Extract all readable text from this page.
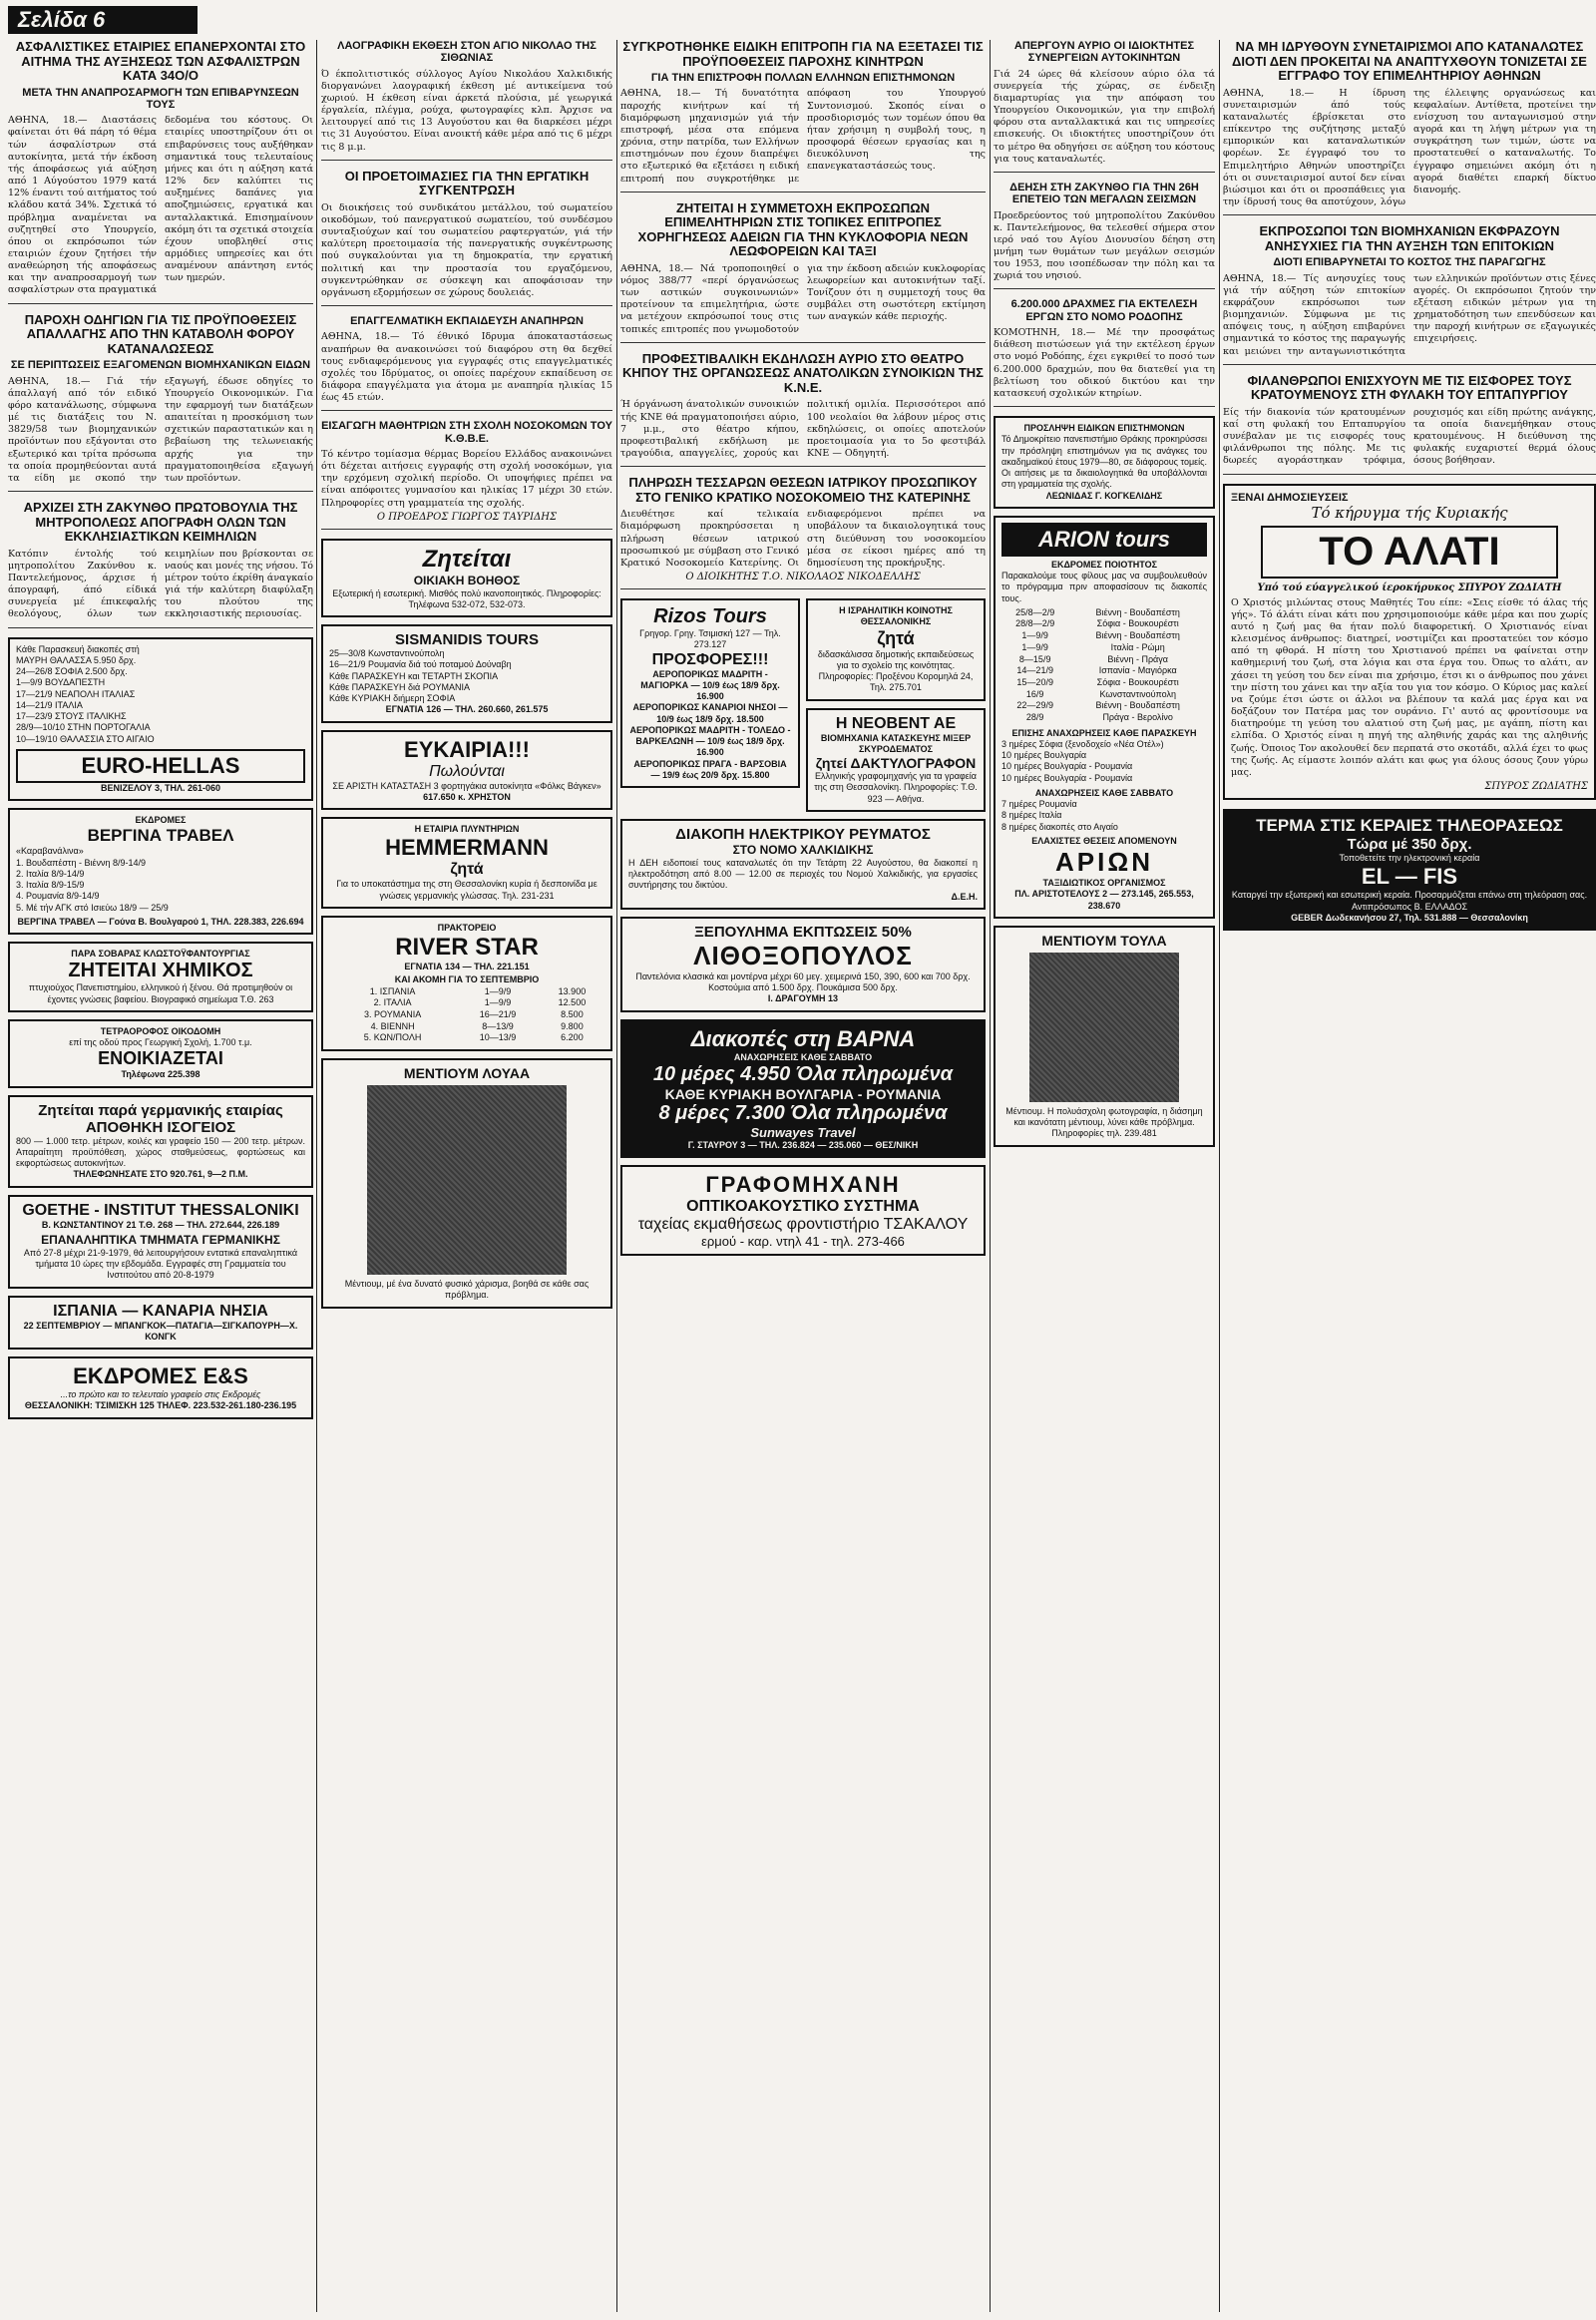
Σελίδα 6
ΑΣΦΑΛΙΣΤΙΚΕΣ ΕΤΑΙΡΙΕΣ ΕΠΑΝΕΡΧΟΝΤΑΙ ΣΤΟ ΑΙΤΗΜΑ ΤΗΣ ΑΥΞΗΣΕΩΣ ΤΩΝ ΑΣΦΑΛΙΣΤΡΩΝ ΚΑΤΑ 34Ο/Ο
ΜΕΤΑ ΤΗΝ ΑΝΑΠΡΟΣΑΡΜΟΓΗ ΤΩΝ ΕΠΙΒΑΡΥΝΣΕΩΝ ΤΟΥΣ
ΑΘΗΝΑ, 18.— Διαστάσεις φαίνεται ότι θά πάρη τό θέμα τών άσφαλίστρων στά αυτοκίνητα, μετά τήν έκδοση τής άποφάσεως γιά αύξηση από 1 Αύγούστου 1979 κατά 12% έναντι τού αιτήματος τού κλάδου κατά 34%. Σχετικά τό πρόβλημα αναμένεται να συζητηθεί στο Υπουργείο, όπου οι εκπρόσωποι τών εταιριών έχουν ζητήσει τήν αναθεώρηση τής αποφάσεως και την αναπροσαρμογή των ασφαλίστρων στα πραγματικά δεδομένα του κόστους. Οι εταιρίες υποστηρίζουν ότι οι επιβαρύνσεις τους αυξήθηκαν σημαντικά τους τελευταίους μήνες και ότι η αύξηση κατά 12% δεν καλύπτει τις αυξημένες δαπάνες για αποζημιώσεις, εργατικά και ανταλλακτικά. Επισημαίνουν ακόμη ότι τα σχετικά στοιχεία έχουν υποβληθεί στις αρμόδιες υπηρεσίες και ότι αναμένουν απάντηση εντός των ημερών.
ΠΑΡΟΧΗ ΟΔΗΓΙΩΝ ΓΙΑ ΤΙΣ ΠΡΟΫΠΟΘΕΣΕΙΣ ΑΠΑΛΛΑΓΗΣ ΑΠΟ ΤΗΝ ΚΑΤΑΒΟΛΗ ΦΟΡΟΥ ΚΑΤΑΝΑΛΩΣΕΩΣ
ΣΕ ΠΕΡΙΠΤΩΣΕΙΣ ΕΞΑΓΟΜΕΝΩΝ ΒΙΟΜΗΧΑΝΙΚΩΝ ΕΙΔΩΝ
ΑΘΗΝΑ, 18.— Γιά τήν άπαλλαγή από τόν ειδικό φόρο κατανάλωσης, σύμφωνα μέ τις διατάξεις του Ν. 3829/58 των βιομηχανικών προϊόντων που εξάγονται στο εξωτερικό και τρίτα πρόσωπα τα οποία προμηθεύονται αυτά τα είδη με σκοπό την εξαγωγή, έδωσε οδηγίες το Υπουργείο Οικονομικών. Για την εφαρμογή των διατάξεων απαιτείται η προσκόμιση των σχετικών παραστατικών και η βεβαίωση της τελωνειακής αρχής για την πραγματοποιηθείσα εξαγωγή των προϊόντων.
ΑΡΧΙΖΕΙ ΣΤΗ ΖΑΚΥΝΘΟ ΠΡΩΤΟΒΟΥΛΙΑ ΤΗΣ ΜΗΤΡΟΠΟΛΕΩΣ ΑΠΟΓΡΑΦΗ ΟΛΩΝ ΤΩΝ ΕΚΚΛΗΣΙΑΣΤΙΚΩΝ ΚΕΙΜΗΛΙΩΝ
Κατόπιν έντολής τού μητροπολίτου Ζακύνθου κ. Παντελεήμονος, άρχισε ή άπογραφή, άπό είδικά συνεργεία μέ έπικεφαλής θεολόγους, όλων των κειμηλίων που βρίσκονται σε ναούς και μονές της νήσου. Τό μέτρον τούτο έκρίθη άναγκαίο γιά τήν καλύτερη διαφύλαξη του πλούτου της εκκλησιαστικής περιουσίας.
Κάθε Παρασκευή διακοπές στή
ΜΑΥΡΗ ΘΑΛΑΣΣΑ 5.950 δρχ.
24—26/8 ΣΟΦΙΑ 2.500 δρχ.
1—9/9 ΒΟΥΔΑΠΕΣΤΗ
17—21/9 ΝΕΑΠΟΛΗ ΙΤΑΛΙΑΣ
14—21/9 ΙΤΑΛΙΑ
17—23/9 ΣΤΟΥΣ ΙΤΑΛΙΚΗΣ
28/9—10/10 ΣΤΗΝ ΠΟΡΤΟΓΑΛΙΑ
10—19/10 ΘΑΛΑΣΣΙΑ ΣΤΟ ΑΙΓΑΙΟ
EURO-HELLAS
ΒΕΝΙΖΕΛΟΥ 3, ΤΗΛ. 261-060
ΕΚΔΡΟΜΕΣ
ΒΕΡΓΙΝΑ ΤΡΑΒΕΛ
«Καραβανάλινα»
1. Βουδαπέστη - Βιέννη 8/9-14/9
2. Ιταλία 8/9-14/9
3. Ιταλία 8/9-15/9
4. Ρουμανία 8/9-14/9
5. Μέ τήν ΑΓΚ στό Ισιεύω 18/9 — 25/9
ΒΕΡΓΙΝΑ ΤΡΑΒΕΛ — Γούνα Β. Βουλγαρού 1, ΤΗΛ. 228.383, 226.694
ΠΑΡΑ ΣΟΒΑΡΑΣ ΚΛΩΣΤΟΫΦΑΝΤΟΥΡΓΙΑΣ
ΖΗΤΕΙΤΑΙ ΧΗΜΙΚΟΣ
πτυχιούχος Πανεπιστημίου, ελληνικού ή ξένου. Θά προτιμηθούν οι έχοντες γνώσεις βαφείου. Βιογραφικό σημείωμα Τ.Θ. 263
ΤΕΤΡΑΟΡΟΦΟΣ ΟΙΚΟΔΟΜΗ
επί της οδού προς Γεωργική Σχολή, 1.700 τ.μ.
ΕΝΟΙΚΙΑΖΕΤΑΙ
Τηλέφωνα 225.398
Ζητείται παρά γερμανικής εταιρίας ΑΠΟΘΗΚΗ ΙΣΟΓΕΙΟΣ
800 — 1.000 τετρ. μέτρων, κοιλές και γραφείο 150 — 200 τετρ. μέτρων. Απαραίτητη προϋπόθεση, χώρος σταθμεύσεως, φορτώσεως και εκφορτώσεως αυτοκινήτων.
ΤΗΛΕΦΩΝΗΣΑΤΕ ΣΤΟ 920.761, 9—2 Π.Μ.
GOETHE - INSTITUT THESSALONIKI
Β. ΚΩΝΣΤΑΝΤΙΝΟΥ 21 Τ.Θ. 268 — ΤΗΛ. 272.644, 226.189
ΕΠΑΝΑΛΗΠΤΙΚΑ ΤΜΗΜΑΤΑ ΓΕΡΜΑΝΙΚΗΣ
Από 27-8 μέχρι 21-9-1979, θά λειτουργήσουν εντατικά επαναληπτικά τμήματα 10 ώρες την εβδομάδα. Εγγραφές στη Γραμματεία του Ινστιτούτου από 20-8-1979
ΙΣΠΑΝΙΑ — ΚΑΝΑΡΙΑ ΝΗΣΙΑ
22 ΣΕΠΤΕΜΒΡΙΟΥ — ΜΠΑΝΓΚΟΚ—ΠΑΤΑΓΙΑ—ΣΙΓΚΑΠΟΥΡΗ—Χ. ΚΟΝΓΚ
ΕΚΔΡΟΜΕΣ E&S
...το πρώτο και το τελευταίο γραφείο στις Εκδρομές
ΘΕΣΣΑΛΟΝΙΚΗ: ΤΣΙΜΙΣΚΗ 125 ΤΗΛΕΦ. 223.532-261.180-236.195
ΛΑΟΓΡΑΦΙΚΗ ΕΚΘΕΣΗ ΣΤΟΝ ΑΓΙΟ ΝΙΚΟΛΑΟ ΤΗΣ ΣΙΘΩΝΙΑΣ
Ό έκπολιτιστικός σύλλογος Αγίου Νικολάου Χαλκιδικής διοργανώνει λαογραφική έκθεση μέ αντικείμενα τού χωριού. Η έκθεση είναι άρκετά πλούσια, μέ γεωργικά έργαλεία, πλέγμα, ρούχα, φωτογραφίες κλπ. Άρχισε να λειτουργεί από τις 13 Αυγούστου και θα διαρκέσει μέχρι τις 31 Αυγούστου. Είναι ανοικτή κάθε μέρα από τις 6 μέχρι τις 8 μ.μ.
ΟΙ ΠΡΟΕΤΟΙΜΑΣΙΕΣ ΓΙΑ ΤΗΝ ΕΡΓΑΤΙΚΗ ΣΥΓΚΕΝΤΡΩΣΗ
Οι διοικήσεις τού συνδικάτου μετάλλου, τού σωματείου οικοδόμων, τού πανεργατικού σωματείου, τού συνδέσμου συνταξιούχων καί του σωματείου ραφτεργατών, γιά τήν καλύτερη προετοιμασία τής πανεργατικής συγκέντρωσης πού συγκαλούνται για τη δημοκρατία, την εργατική πολιτική και την προστασία του εργαζόμενου, συγκεντρώθηκαν σε σύσκεψη και αποφάσισαν την οργάνωση εξορμήσεων σε χώρους δουλειάς.
ΕΠΑΓΓΕΛΜΑΤΙΚΗ ΕΚΠΑΙΔΕΥΣΗ ΑΝΑΠΗΡΩΝ
ΑΘΗΝΑ, 18.— Τό έθνικό Ιδρυμα άποκαταστάσεως αναπήρων θα ανακοινώσει τού διαφόρου στη θα δεχθεί τους ενδιαφερόμενους για εγγραφές στις επαγγελματικές σχολές του Ιδρύματος, οι οποίες παρέχουν εκπαίδευση σε διάφορα επαγγέλματα για άτομα με αναπηρία ηλικίας 15 έως 45 ετών.
ΕΙΣΑΓΩΓΗ ΜΑΘΗΤΡΙΩΝ ΣΤΗ ΣΧΟΛΗ ΝΟΣΟΚΟΜΩΝ ΤΟΥ Κ.Θ.Β.Ε.
Τό κέντρο τομίασμα θέρμας Βορείου Ελλάδος ανακοινώνει ότι δέχεται αιτήσεις εγγραφής στη σχολή νοσοκόμων, για την ερχόμενη σχολική περίοδο. Οι υποψήφιες πρέπει να είναι απόφοιτες γυμνασίου και ηλικίας 17 μέχρι 30 ετών. Πληροφορίες στη γραμματεία της σχολής.
Ο ΠΡΟΕΔΡΟΣ ΓΙΩΡΓΟΣ ΤΑΥΡΙΔΗΣ
Ζητείται
ΟΙΚΙΑΚΗ ΒΟΗΘΟΣ
Εξωτερική ή εσωτερική. Μισθός πολύ ικανοποιητικός. Πληροφορίες: Τηλέφωνα 532-072, 532-073.
SISMANIDIS TOURS
25—30/8 Κωνσταντινούπολη
16—21/9 Ρουμανία διά τού ποταμού Δούναβη
Κάθε ΠΑΡΑΣΚΕΥΗ και ΤΕΤΑΡΤΗ ΣΚΟΠΙΑ
Κάθε ΠΑΡΑΣΚΕΥΗ διά ΡΟΥΜΑΝΙΑ
Κάθε ΚΥΡΙΑΚΗ διήμερη ΣΟΦΙΑ
ΕΓΝΑΤΙΑ 126 — ΤΗΛ. 260.660, 261.575
ΕΥΚΑΙΡΙΑ!!!
Πωλούνται
ΣΕ ΑΡΙΣΤΗ ΚΑΤΑΣΤΑΣΗ 3 φορτηγάκια αυτοκίνητα «Φόλκς Βάγκεν»
617.650 κ. ΧΡΗΣΤΟΝ
Η ΕΤΑΙΡΙΑ ΠΛΥΝΤΗΡΙΩΝ
HEMMERMANN
ζητά
Για το υποκατάστημα της στη Θεσσαλονίκη κυρία ή δεσποινίδα με γνώσεις γερμανικής γλώσσας. Τηλ. 231-231
ΠΡΑΚΤΟΡΕΙΟ
RIVER STAR
ΕΓΝΑΤΙΑ 134 — ΤΗΛ. 221.151
ΚΑΙ ΑΚΟΜΗ ΓΙΑ ΤΟ ΣΕΠΤΕΜΒΡΙΟ
1. ΙΣΠΑΝΙΑ	1—9/9	13.900
2. ΙΤΑΛΙΑ	1—9/9	12.500
3. ΡΟΥΜΑΝΙΑ	16—21/9	8.500
4. ΒΙΕΝΝΗ	8—13/9	9.800
5. ΚΩΝ/ΠΟΛΗ	10—13/9	6.200
ΜΕΝΤΙΟΥΜ ΛΟΥΑΑ
Μέντιουμ, μέ ένα δυνατό φυσικό χάρισμα, βοηθά σε κάθε σας πρόβλημα.
ΣΥΓΚΡΟΤΗΘΗΚΕ ΕΙΔΙΚΗ ΕΠΙΤΡΟΠΗ ΓΙΑ ΝΑ ΕΞΕΤΑΣΕΙ ΤΙΣ ΠΡΟΫΠΟΘΕΣΕΙΣ ΠΑΡΟΧΗΣ ΚΙΝΗΤΡΩΝ
ΓΙΑ ΤΗΝ ΕΠΙΣΤΡΟΦΗ ΠΟΛΛΩΝ ΕΛΛΗΝΩΝ ΕΠΙΣΤΗΜΟΝΩΝ
ΑΘΗΝΑ, 18.— Τή δυνατότητα παροχής κινήτρων καί τή διαμόρφωση μηχανισμών γιά τήν επιστροφή, μέσα στα επόμενα χρόνια, στην πατρίδα, των Ελλήνων επιστημόνων που έχουν διαπρέψει στο εξωτερικό θα εξετάσει η ειδική επιτροπή που συγκροτήθηκε με απόφαση του Υπουργού Συντονισμού. Σκοπός είναι ο προσδιορισμός των τομέων όπου θα ήταν χρήσιμη η συμβολή τους, η προσφορά θέσεων εργασίας και η διευκόλυνση της επανεγκαταστάσεώς τους.
ΖΗΤΕΙΤΑΙ Η ΣΥΜΜΕΤΟΧΗ ΕΚΠΡΟΣΩΠΩΝ ΕΠΙΜΕΛΗΤΗΡΙΩΝ ΣΤΙΣ ΤΟΠΙΚΕΣ ΕΠΙΤΡΟΠΕΣ ΧΟΡΗΓΗΣΕΩΣ ΑΔΕΙΩΝ ΓΙΑ ΤΗΝ ΚΥΚΛΟΦΟΡΙΑ ΝΕΩΝ ΛΕΩΦΟΡΕΙΩΝ ΚΑΙ ΤΑΞΙ
ΑΘΗΝΑ, 18.— Νά τροποποιηθεί ο νόμος 388/77 «περί όργανώσεως των αστικών συγκοινωνιών» προτείνουν τα επιμελητήρια, ώστε να μετέχουν εκπρόσωποί τους στις τοπικές επιτροπές που γνωμοδοτούν για την έκδοση αδειών κυκλοφορίας λεωφορείων και αυτοκινήτων ταξί. Τονίζουν ότι η συμμετοχή τους θα συμβάλει στη σωστότερη εκτίμηση των αναγκών κάθε περιοχής.
ΠΡΟΦΕΣΤΙΒΑΛΙΚΗ ΕΚΔΗΛΩΣΗ ΑΥΡΙΟ ΣΤΟ ΘΕΑΤΡΟ ΚΗΠΟΥ ΤΗΣ ΟΡΓΑΝΩΣΕΩΣ ΑΝΑΤΟΛΙΚΩΝ ΣΥΝΟΙΚΙΩΝ ΤΗΣ Κ.Ν.Ε.
Ή όργάνωση άνατολικών συνοικιών τής ΚΝΕ θά πραγματοποιήσει αύριο, 7 μ.μ., στο θέατρο κήπου, προφεστιβαλική εκδήλωση με τραγούδια, απαγγελίες, χορούς και πολιτική ομιλία. Περισσότεροι από 100 νεολαίοι θα λάβουν μέρος στις εκδηλώσεις, οι οποίες αποτελούν προετοιμασία για το 5ο φεστιβάλ ΚΝΕ — Οδηγητή.
ΠΛΗΡΩΣΗ ΤΕΣΣΑΡΩΝ ΘΕΣΕΩΝ ΙΑΤΡΙΚΟΥ ΠΡΟΣΩΠΙΚΟΥ ΣΤΟ ΓΕΝΙΚΟ ΚΡΑΤΙΚΟ ΝΟΣΟΚΟΜΕΙΟ ΤΗΣ ΚΑΤΕΡΙΝΗΣ
Διευθέτησε καί τελικαία διαμόρφωση προκηρύσσεται η πλήρωση θέσεων ιατρικού προσωπικού με σύμβαση στο Γενικό Κρατικό Νοσοκομείο Κατερίνης. Οι ενδιαφερόμενοι πρέπει να υποβάλουν τα δικαιολογητικά τους στη διεύθυνση του νοσοκομείου μέσα σε είκοσι ημέρες από τη δημοσίευση της προκήρυξης.
Ο ΔΙΟΙΚΗΤΗΣ Τ.Ο. ΝΙΚΟΛΑΟΣ ΝΙΚΟΔΕΛΛΗΣ
Rizos Tours
Γρηγορ. Γρηγ. Τσιμισκή 127 — Τηλ. 273.127
ΠΡΟΣΦΟΡΕΣ!!!
ΑΕΡΟΠΟΡΙΚΩΣ ΜΑΔΡΙΤΗ - ΜΑΓΙΟΡΚΑ — 10/9 έως 18/9 δρχ. 16.900
ΑΕΡΟΠΟΡΙΚΩΣ ΚΑΝΑΡΙΟΙ ΝΗΣΟΙ — 10/9 έως 18/9 δρχ. 18.500
ΑΕΡΟΠΟΡΙΚΩΣ ΜΑΔΡΙΤΗ - ΤΟΛΕΔΟ - ΒΑΡΚΕΛΩΝΗ — 10/9 έως 18/9 δρχ. 16.900
ΑΕΡΟΠΟΡΙΚΩΣ ΠΡΑΓΑ - ΒΑΡΣΟΒΙΑ — 19/9 έως 20/9 δρχ. 15.800
Η ΙΣΡΑΗΛΙΤΙΚΗ ΚΟΙΝΟΤΗΣ ΘΕΣΣΑΛΟΝΙΚΗΣ
ζητά
διδασκάλισσα δημοτικής εκπαιδεύσεως για το σχολείο της κοινότητας. Πληροφορίες: Προξένου Κορομηλά 24, Τηλ. 275.701
Η ΝΕΟΒΕΝΤ ΑΕ
ΒΙΟΜΗΧΑΝΙΑ ΚΑΤΑΣΚΕΥΗΣ ΜΙΞΕΡ ΣΚΥΡΟΔΕΜΑΤΟΣ
ζητεί ΔΑΚΤΥΛΟΓΡΑΦΟΝ
Ελληνικής γραφομηχανής για τα γραφεία της στη Θεσσαλονίκη. Πληροφορίες: Τ.Θ. 923 — Αθήνα.
ΔΙΑΚΟΠΗ ΗΛΕΚΤΡΙΚΟΥ ΡΕΥΜΑΤΟΣ
ΣΤΟ ΝΟΜΟ ΧΑΛΚΙΔΙΚΗΣ
Η ΔΕΗ ειδοποιεί τους καταναλωτές ότι την Τετάρτη 22 Αυγούστου, θα διακοπεί η ηλεκτροδότηση από 8.00 — 12.00 σε περιοχές του Νομού Χαλκιδικής, για εργασίες συντήρησης του δικτύου.
Δ.Ε.Η.
ΞΕΠΟΥΛΗΜΑ ΕΚΠΤΩΣΕΙΣ 50%
ΛΙΘΟΞΟΠΟΥΛΟΣ
Παντελόνια κλασικά και μοντέρνα μέχρι 60 μεγ. χειμερινά 150, 390, 600 και 700 δρχ. Κοστούμια από 1.500 δρχ. Πουκάμισα 500 δρχ.
Ι. ΔΡΑΓΟΥΜΗ 13
Διακοπές στη ΒΑΡΝΑ
ΑΝΑΧΩΡΗΣΕΙΣ ΚΑΘΕ ΣΑΒΒΑΤΟ
10 μέρες 4.950 Όλα πληρωμένα
ΚΑΘΕ ΚΥΡΙΑΚΗ ΒΟΥΛΓΑΡΙΑ - ΡΟΥΜΑΝΙΑ
8 μέρες 7.300 Όλα πληρωμένα
Sunwayes Travel
Γ. ΣΤΑΥΡΟΥ 3 — ΤΗΛ. 236.824 — 235.060 — ΘΕΣ/ΝΙΚΗ
ΓΡΑΦΟΜΗΧΑΝΗ
ΟΠΤΙΚΟΑΚΟΥΣΤΙΚΟ ΣΥΣΤΗΜΑ
ταχείας εκμαθήσεως φροντιστήριο ΤΣΑΚΑΛΟΥ
ερμού - καρ. ντηλ 41 - τηλ. 273-466
ΑΠΕΡΓΟΥΝ ΑΥΡΙΟ ΟΙ ΙΔΙΟΚΤΗΤΕΣ ΣΥΝΕΡΓΕΙΩΝ ΑΥΤΟΚΙΝΗΤΩΝ
Γιά 24 ώρες θά κλείσουν αύριο όλα τά συνεργεία τής χώρας, σε ένδειξη διαμαρτυρίας για την απόφαση του Υπουργείου Οικονομικών, για την επιβολή φόρου στα ανταλλακτικά και τις υπηρεσίες επισκευής. Οι ιδιοκτήτες υποστηρίζουν ότι το μέτρο θα οδηγήσει σε αύξηση του κόστους για τους καταναλωτές.
ΔΕΗΣΗ ΣΤΗ ΖΑΚΥΝΘΟ ΓΙΑ ΤΗΝ 26Η ΕΠΕΤΕΙΟ ΤΩΝ ΜΕΓΑΛΩΝ ΣΕΙΣΜΩΝ
Προεδρεύοντος τού μητροπολίτου Ζακύνθου κ. Παντελεήμονος, θα τελεσθεί σήμερα στον ιερό ναό του Αγίου Διονυσίου δέηση στη μνήμη των θυμάτων των μεγάλων σεισμών του 1953, που ισοπέδωσαν την πόλη και τα χωριά του νησιού.
6.200.000 ΔΡΑΧΜΕΣ ΓΙΑ ΕΚΤΕΛΕΣΗ ΕΡΓΩΝ ΣΤΟ ΝΟΜΟ ΡΟΔΟΠΗΣ
ΚΟΜΟΤΗΝΗ, 18.— Μέ την προσφάτως διάθεση πιστώσεων γιά την εκτέλεση έργων στο νομό Ροδόπης, έχει εγκριθεί το ποσό των 6.200.000 δραχμών, που θα διατεθεί για τη βελτίωση του οδικού δικτύου και την κατασκευή σχολικών κτηρίων.
ΠΡΟΣΛΗΨΗ ΕΙΔΙΚΩΝ ΕΠΙΣΤΗΜΟΝΩΝ
Τό Δημοκρίτειο πανεπιστήμιο Θράκης προκηρύσσει την πρόσληψη επιστημόνων για τις ανάγκες του ακαδημαϊκού έτους 1979—80, σε διάφορους τομείς. Οι αιτήσεις με τα δικαιολογητικά θα υποβάλλονται στη γραμματεία της σχολής.
ΛΕΩΝΙΔΑΣ Γ. ΚΟΓΚΕΛΙΔΗΣ
ARION tours
ΕΚΔΡΟΜΕΣ ΠΟΙΟΤΗΤΟΣ
Παρακαλούμε τους φίλους μας να συμβουλευθούν το πρόγραμμα πριν αποφασίσουν τις διακοπές τους.
25/8—2/9	Βιέννη - Βουδαπέστη
28/8—2/9	Σόφια - Βουκουρέστι
1—9/9	Βιέννη - Βουδαπέστη
1—9/9	Ιταλία - Ρώμη
8—15/9	Βιέννη - Πράγα
14—21/9	Ισπανία - Μαγιόρκα
15—20/9	Σόφια - Βουκουρέστι
16/9	Κωνσταντινούπολη
22—29/9	Βιέννη - Βουδαπέστη
28/9	Πράγα - Βερολίνο
ΕΠΙΣΗΣ ΑΝΑΧΩΡΗΣΕΙΣ ΚΑΘΕ ΠΑΡΑΣΚΕΥΗ
3 ημέρες Σόφια (ξενοδοχείο «Νέα Οτέλ»)
10 ημέρες Βουλγαρία
10 ημέρες Βουλγαρία - Ρουμανία
10 ημέρες Βουλγαρία - Ρουμανία
ΑΝΑΧΩΡΗΣΕΙΣ ΚΑΘΕ ΣΑΒΒΑΤΟ
7 ημέρες Ρουμανία
8 ημέρες Ιταλία
8 ημέρες διακοπές στο Αιγαίο
ΕΛΑΧΙΣΤΕΣ ΘΕΣΕΙΣ ΑΠΟΜΕΝΟΥΝ
ΑΡΙΩΝ
ΤΑΞΙΔΙΩΤΙΚΟΣ ΟΡΓΑΝΙΣΜΟΣ
ΠΛ. ΑΡΙΣΤΟΤΕΛΟΥΣ 2 — 273.145, 265.553, 238.670
ΜΕΝΤΙΟΥΜ ΤΟΥΛΑ
Μέντιουμ. Η πολυάσχολη φωτογραφία, η διάσημη και ικανότατη μέντιουμ, λύνει κάθε πρόβλημα. Πληροφορίες τηλ. 239.481
ΝΑ ΜΗ ΙΔΡΥΘΟΥΝ ΣΥΝΕΤΑΙΡΙΣΜΟΙ ΑΠΟ ΚΑΤΑΝΑΛΩΤΕΣ ΔΙΟΤΙ ΔΕΝ ΠΡΟΚΕΙΤΑΙ ΝΑ ΑΝΑΠΤΥΧΘΟΥΝ ΤΟΝΙΖΕΤΑΙ ΣΕ ΕΓΓΡΑΦΟ ΤΟΥ ΕΠΙΜΕΛΗΤΗΡΙΟΥ ΑΘΗΝΩΝ
ΑΘΗΝΑ, 18.— Η ίδρυση συνεταιρισμών άπό τούς καταναλωτές έβρίσκεται στο επίκεντρο της συζήτησης μεταξύ εμπορικών και καταναλωτικών φορέων. Σε έγγραφό του το Επιμελητήριο Αθηνών υποστηρίζει ότι οι συνεταιρισμοί αυτοί δεν είναι βιώσιμοι και ότι οι προσπάθειες για την ίδρυσή τους θα αποτύχουν, λόγω της έλλειψης οργανώσεως και κεφαλαίων. Αντίθετα, προτείνει την ενίσχυση του ανταγωνισμού στην αγορά και τη λήψη μέτρων για τη συγκράτηση των τιμών, ώστε να προστατευθεί ο καταναλωτής. Το έγγραφο σημειώνει ακόμη ότι η αγορά διαθέτει επαρκή δίκτυο διανομής.
ΕΚΠΡΟΣΩΠΟΙ ΤΩΝ ΒΙΟΜΗΧΑΝΙΩΝ ΕΚΦΡΑΖΟΥΝ ΑΝΗΣΥΧΙΕΣ ΓΙΑ ΤΗΝ ΑΥΞΗΣΗ ΤΩΝ ΕΠΙΤΟΚΙΩΝ
ΔΙΟΤΙ ΕΠΙΒΑΡΥΝΕΤΑΙ ΤΟ ΚΟΣΤΟΣ ΤΗΣ ΠΑΡΑΓΩΓΗΣ
ΑΘΗΝΑ, 18.— Τίς ανησυχίες τους γιά τήν αύξηση τών επιτοκίων εκφράζουν εκπρόσωποι των βιομηχανιών. Σύμφωνα με τις απόψεις τους, η αύξηση επιβαρύνει σημαντικά το κόστος της παραγωγής και μειώνει την ανταγωνιστικότητα των ελληνικών προϊόντων στις ξένες αγορές. Οι εκπρόσωποι ζητούν την εξέταση ειδικών μέτρων για τη χρηματοδότηση των επενδύσεων και την παροχή κινήτρων σε εξαγωγικές επιχειρήσεις.
ΦΙΛΑΝΘΡΩΠΟΙ ΕΝΙΣΧΥΟΥΝ ΜΕ ΤΙΣ ΕΙΣΦΟΡΕΣ ΤΟΥΣ ΚΡΑΤΟΥΜΕΝΟΥΣ ΣΤΗ ΦΥΛΑΚΗ ΤΟΥ ΕΠΤΑΠΥΡΓΙΟΥ
Είς τήν διακονία τών κρατουμένων καί στη φυλακή του Επταπυργίου συνέβαλαν με τις εισφορές τους φιλάνθρωποι της πόλης. Με τις δωρεές αγοράστηκαν τρόφιμα, ρουχισμός και είδη πρώτης ανάγκης, τα οποία διανεμήθηκαν στους κρατουμένους. Η διεύθυνση της φυλακής ευχαριστεί θερμά όλους όσους βοήθησαν.
ΞΕΝΑΙ ΔΗΜΟΣΙΕΥΣΕΙΣ
Τό κήρυγμα τής Κυριακής
ΤΟ ΑΛΑΤΙ
Υπό τού εύαγγελικού ίεροκήρυκος ΣΠΥΡΟΥ ΖΩΔΙΑΤΗ
Ο Χριστός μιλώντας στους Μαθητές Του είπε: «Σεις είσθε τό άλας τής γής». Τό άλάτι είναι κάτι που χρησιμοποιούμε κάθε μέρα και που χωρίς αυτό η ζωή μας θα ήταν πολύ διαφορετική. Ο Χριστιανός είναι κλεισμένος άνθρωπος: διατηρεί, νοστιμίζει και προστατεύει τον κόσμο από τη φθορά. Η πίστη του Χριστιανού πρέπει να φαίνεται στην καθημερινή του ζωή, στα λόγια και στα έργα του. Όπως το αλάτι, αν χάσει τη γεύση του δεν είναι πια χρήσιμο, έτσι κι ο άνθρωπος που χάνει την πίστη του χάνει και την αξία του για τον κόσμο. Ο Κύριος μας καλεί να ζούμε έτσι ώστε οι άλλοι να βλέπουν τα καλά μας έργα και να δοξάζουν τον Πατέρα μας τον ουράνιο. Γι' αυτό ας φροντίσουμε να διατηρούμε τη γεύση του αλατιού στη ζωή μας, με αγάπη, πίστη και ελπίδα. Ο Χριστός είναι η πηγή της αληθινής χαράς και της αληθινής ζωής. Όποιος Τον ακολουθεί δεν περπατά στο σκοτάδι, αλλά έχει το φως της ζωής. Ας είμαστε λοιπόν αλάτι και φως για όλους όσους ζουν γύρω μας.
ΣΠΥΡΟΣ ΖΩΔΙΑΤΗΣ
ΤΕΡΜΑ ΣΤΙΣ ΚΕΡΑΙΕΣ ΤΗΛΕΟΡΑΣΕΩΣ
Τώρα μέ 350 δρχ.
Τοποθετείτε την ηλεκτρονική κεραία
EL — FIS
Καταργεί την εξωτερική και εσωτερική κεραία. Προσαρμόζεται επάνω στη τηλεόραση σας. Αντιπρόσωπος Β. ΕΛΛΑΔΟΣ
GEBER Δωδεκανήσου 27, Τηλ. 531.888 — Θεσσαλονίκη
